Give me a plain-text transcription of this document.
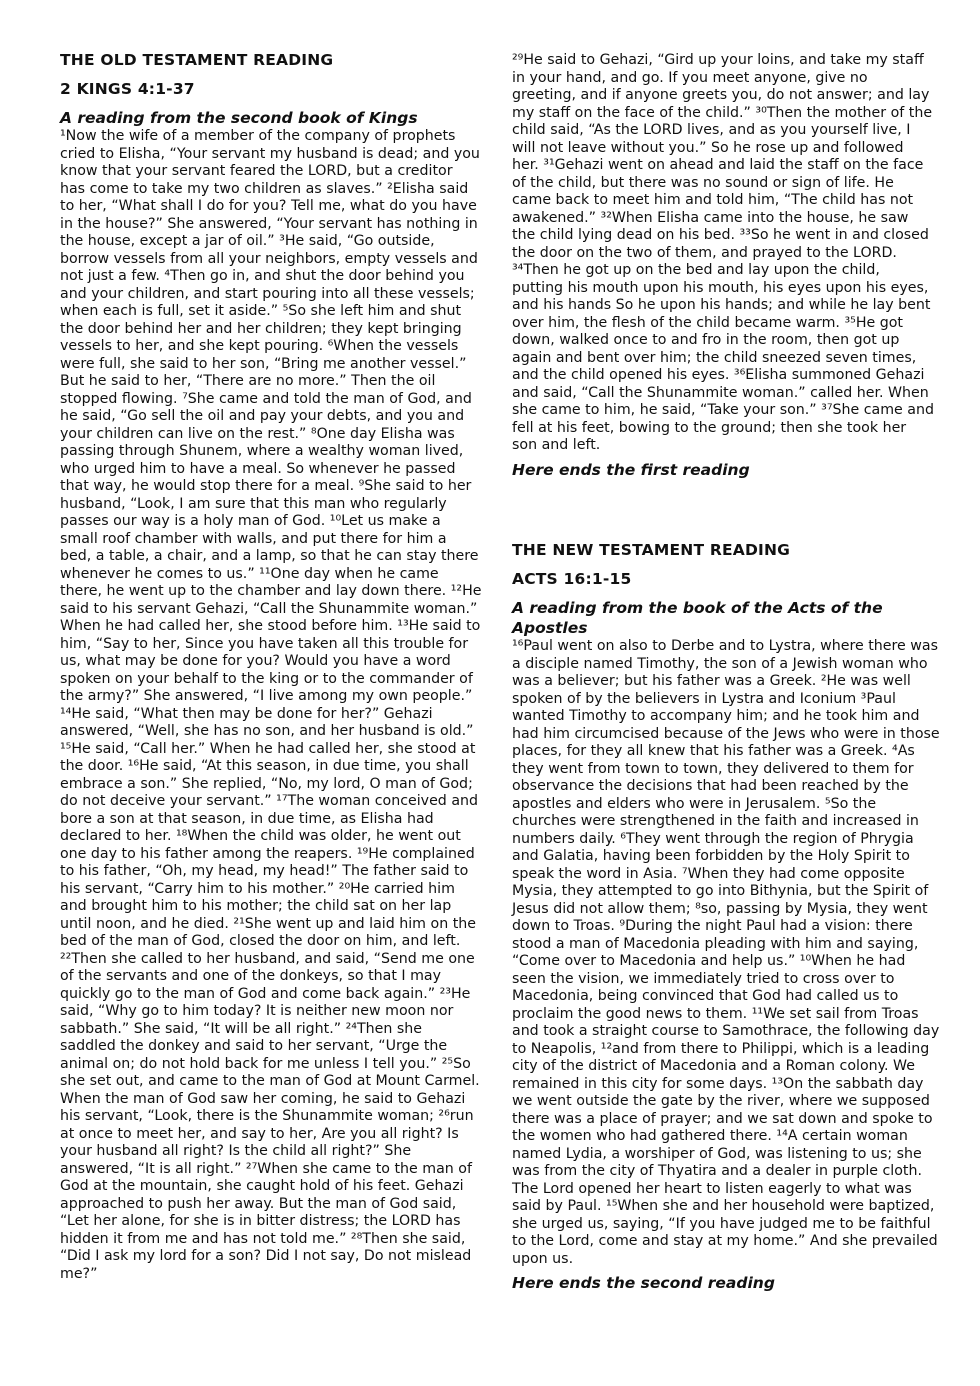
THE OLD TESTAMENT READING
2 KINGS 4:1-37
A reading from the second book of Kings

¹Now the wife of a member of the company of prophets cried to Elisha, “Your servant my husband is dead; and you know that your servant feared the LORD, but a creditor has come to take my two children as slaves.” ²Elisha said to her, “What shall I do for you? Tell me, what do you have in the house?” She answered, “Your servant has nothing in the house, except a jar of oil.” ³He said, “Go outside, borrow vessels from all your neighbors, empty vessels and not just a few. ⁴Then go in, and shut the door behind you and your children, and start pouring into all these vessels; when each is full, set it aside.” ⁵So she left him and shut the door behind her and her children; they kept bringing vessels to her, and she kept pouring. ⁶When the vessels were full, she said to her son, “Bring me another vessel.” But he said to her, “There are no more.” Then the oil stopped flowing. ⁷She came and told the man of God, and he said, “Go sell the oil and pay your debts, and you and your children can live on the rest.” ⁸One day Elisha was passing through Shunem, where a wealthy woman lived, who urged him to have a meal. So whenever he passed that way, he would stop there for a meal. ⁹She said to her husband, “Look, I am sure that this man who regularly passes our way is a holy man of God. ¹⁰Let us make a small roof chamber with walls, and put there for him a bed, a table, a chair, and a lamp, so that he can stay there whenever he comes to us.” ¹¹One day when he came there, he went up to the chamber and lay down there. ¹²He said to his servant Gehazi, “Call the Shunammite woman.” When he had called her, she stood before him. ¹³He said to him, “Say to her, Since you have taken all this trouble for us, what may be done for you? Would you have a word spoken on your behalf to the king or to the commander of the army?” She answered, “I live among my own people.” ¹⁴He said, “What then may be done for her?” Gehazi answered, “Well, she has no son, and her husband is old.” ¹⁵He said, “Call her.” When he had called her, she stood at the door. ¹⁶He said, “At this season, in due time, you shall embrace a son.” She replied, “No, my lord, O man of God; do not deceive your servant.” ¹⁷The woman conceived and bore a son at that season, in due time, as Elisha had declared to her. ¹⁸When the child was older, he went out one day to his father among the reapers. ¹⁹He complained to his father, “Oh, my head, my head!” The father said to his servant, “Carry him to his mother.” ²⁰He carried him and brought him to his mother; the child sat on her lap until noon, and he died. ²¹She went up and laid him on the bed of the man of God, closed the door on him, and left. ²²Then she called to her husband, and said, “Send me one of the servants and one of the donkeys, so that I may quickly go to the man of God and come back again.” ²³He said, “Why go to him today? It is neither new moon nor sabbath.” She said, “It will be all right.” ²⁴Then she saddled the donkey and said to her servant, “Urge the animal on; do not hold back for me unless I tell you.” ²⁵So she set out, and came to the man of God at Mount Carmel. When the man of God saw her coming, he said to Gehazi his servant, “Look, there is the Shunammite woman; ²⁶run at once to meet her, and say to her, Are you all right? Is your husband all right? Is the child all right?” She answered, “It is all right.” ²⁷When she came to the man of God at the mountain, she caught hold of his feet. Gehazi approached to push her away. But the man of God said, “Let her alone, for she is in bitter distress; the LORD has hidden it from me and has not told me.” ²⁸Then she said, “Did I ask my lord for a son? Did I not say, Do not mislead me?”

²⁹He said to Gehazi, “Gird up your loins, and take my staff in your hand, and go. If you meet anyone, give no greeting, and if anyone greets you, do not answer; and lay my staff on the face of the child.” ³⁰Then the mother of the child said, “As the LORD lives, and as you yourself live, I will not leave without you.” So he rose up and followed her. ³¹Gehazi went on ahead and laid the staff on the face of the child, but there was no sound or sign of life. He came back to meet him and told him, “The child has not awakened.” ³²When Elisha came into the house, he saw the child lying dead on his bed. ³³So he went in and closed the door on the two of them, and prayed to the LORD. ³⁴Then he got up on the bed and lay upon the child, putting his mouth upon his mouth, his eyes upon his eyes, and his hands So he upon his hands; and while he lay bent over him, the flesh of the child became warm. ³⁵He got down, walked once to and fro in the room, then got up again and bent over him; the child sneezed seven times, and the child opened his eyes. ³⁶Elisha summoned Gehazi and said, “Call the Shunammite woman.” called her. When she came to him, he said, “Take your son.” ³⁷She came and fell at his feet, bowing to the ground; then she took her son and left.

Here ends the first reading
THE NEW TESTAMENT READING
ACTS 16:1-15
A reading from the book of the Acts of the Apostles

¹⁶Paul went on also to Derbe and to Lystra, where there was a disciple named Timothy, the son of a Jewish woman who was a believer; but his father was a Greek. ²He was well spoken of by the believers in Lystra and Iconium ³Paul wanted Timothy to accompany him; and he took him and had him circumcised because of the Jews who were in those places, for they all knew that his father was a Greek. ⁴As they went from town to town, they delivered to them for observance the decisions that had been reached by the apostles and elders who were in Jerusalem. ⁵So the churches were strengthened in the faith and increased in numbers daily. ⁶They went through the region of Phrygia and Galatia, having been forbidden by the Holy Spirit to speak the word in Asia. ⁷When they had come opposite Mysia, they attempted to go into Bithynia, but the Spirit of Jesus did not allow them; ⁸so, passing by Mysia, they went down to Troas. ⁹During the night Paul had a vision: there stood a man of Macedonia pleading with him and saying, “Come over to Macedonia and help us.” ¹⁰When he had seen the vision, we immediately tried to cross over to Macedonia, being convinced that God had called us to proclaim the good news to them. ¹¹We set sail from Troas and took a straight course to Samothrace, the following day to Neapolis, ¹²and from there to Philippi, which is a leading city of the district of Macedonia and a Roman colony. We remained in this city for some days. ¹³On the sabbath day we went outside the gate by the river, where we supposed there was a place of prayer; and we sat down and spoke to the women who had gathered there. ¹⁴A certain woman named Lydia, a worshiper of God, was listening to us; she was from the city of Thyatira and a dealer in purple cloth. The Lord opened her heart to listen eagerly to what was said by Paul. ¹⁵When she and her household were baptized, she urged us, saying, “If you have judged me to be faithful to the Lord, come and stay at my home.” And she prevailed upon us.

Here ends the second reading
